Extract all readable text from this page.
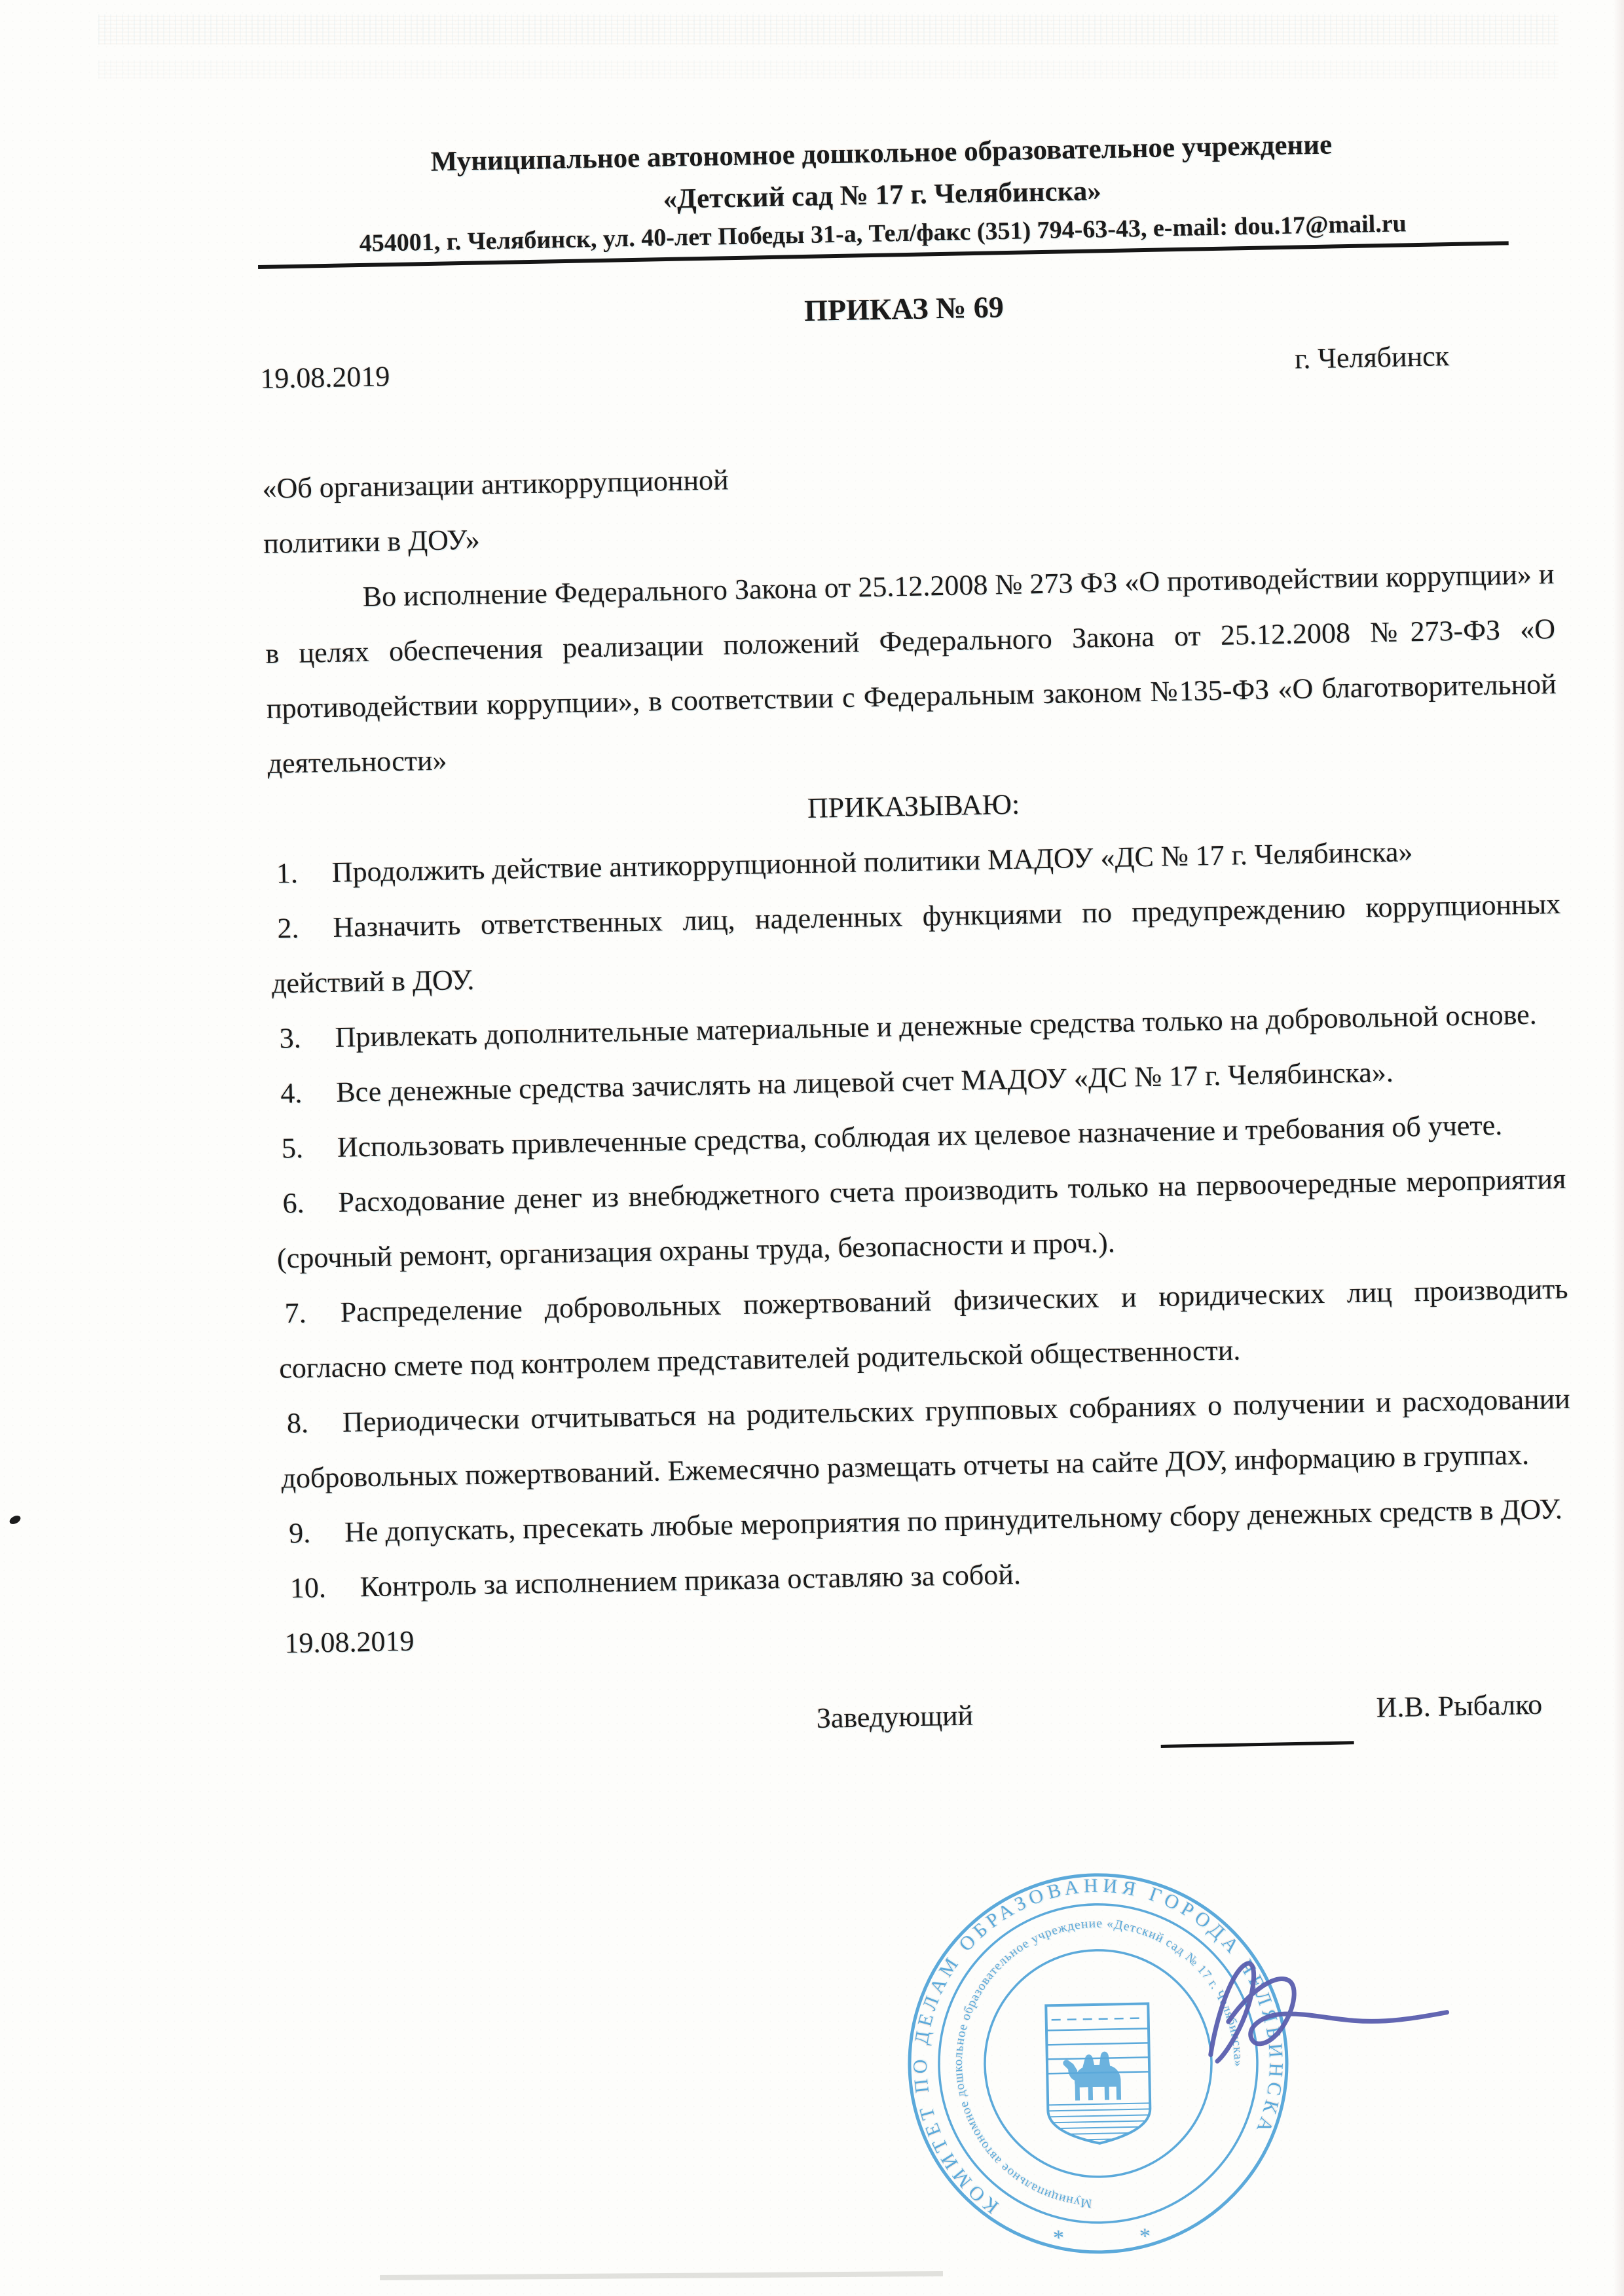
Муниципальное автономное дошкольное образовательное учреждение
«Детский сад № 17 г. Челябинска»
454001, г. Челябинск, ул. 40-лет Победы 31-а, Тел/факс (351) 794-63-43, e-mail: dou.17@mail.ru
ПРИКАЗ № 69
19.08.2019
г. Челябинск
«Об организации антикоррупционной
политики в ДОУ»

Во исполнение Федерального Закона от 25.12.2008 № 273 ФЗ «О противодействии коррупции» и в целях обеспечения реализации положений Федерального Закона от 25.12.2008 №273-ФЗ «О противодействии коррупции», в соответствии с Федеральным законом №135-ФЗ «О благотворительной деятельности»

ПРИКАЗЫВАЮ:

1. Продолжить действие антикоррупционной политики МАДОУ «ДС № 17 г. Челябинска»

2. Назначить ответственных лиц, наделенных функциями по предупреждению коррупционных действий в ДОУ.

3. Привлекать дополнительные материальные и денежные средства только на добровольной основе.

4. Все денежные средства зачислять на лицевой счет МАДОУ «ДС № 17 г. Челябинска».

5. Использовать привлеченные средства, соблюдая их целевое назначение и требования об учете.

6. Расходование денег из внебюджетного счета производить только на первоочередные мероприятия (срочный ремонт, организация охраны труда, безопасности и проч.).

7. Распределение добровольных пожертвований физических и юридических лиц производить согласно смете под контролем представителей родительской общественности.

8. Периодически отчитываться на родительских групповых собраниях о получении и расходовании добровольных пожертвований. Ежемесячно размещать отчеты на сайте ДОУ, информацию в группах.

9. Не допускать, пресекать любые мероприятия по принудительному сбору денежных средств в ДОУ.

10. Контроль за исполнением приказа оставляю за собой.

19.08.2019

Заведующий	И.В. Рыбалко
КОМИТЕТ ПО ДЕЛАМ ОБРАЗОВАНИЯ ГОРОДА ЧЕЛЯБИНСКА
Муниципальное автономное дошкольное образовательное учреждение «Детский сад № 17 г. Челябинска»
*	*
